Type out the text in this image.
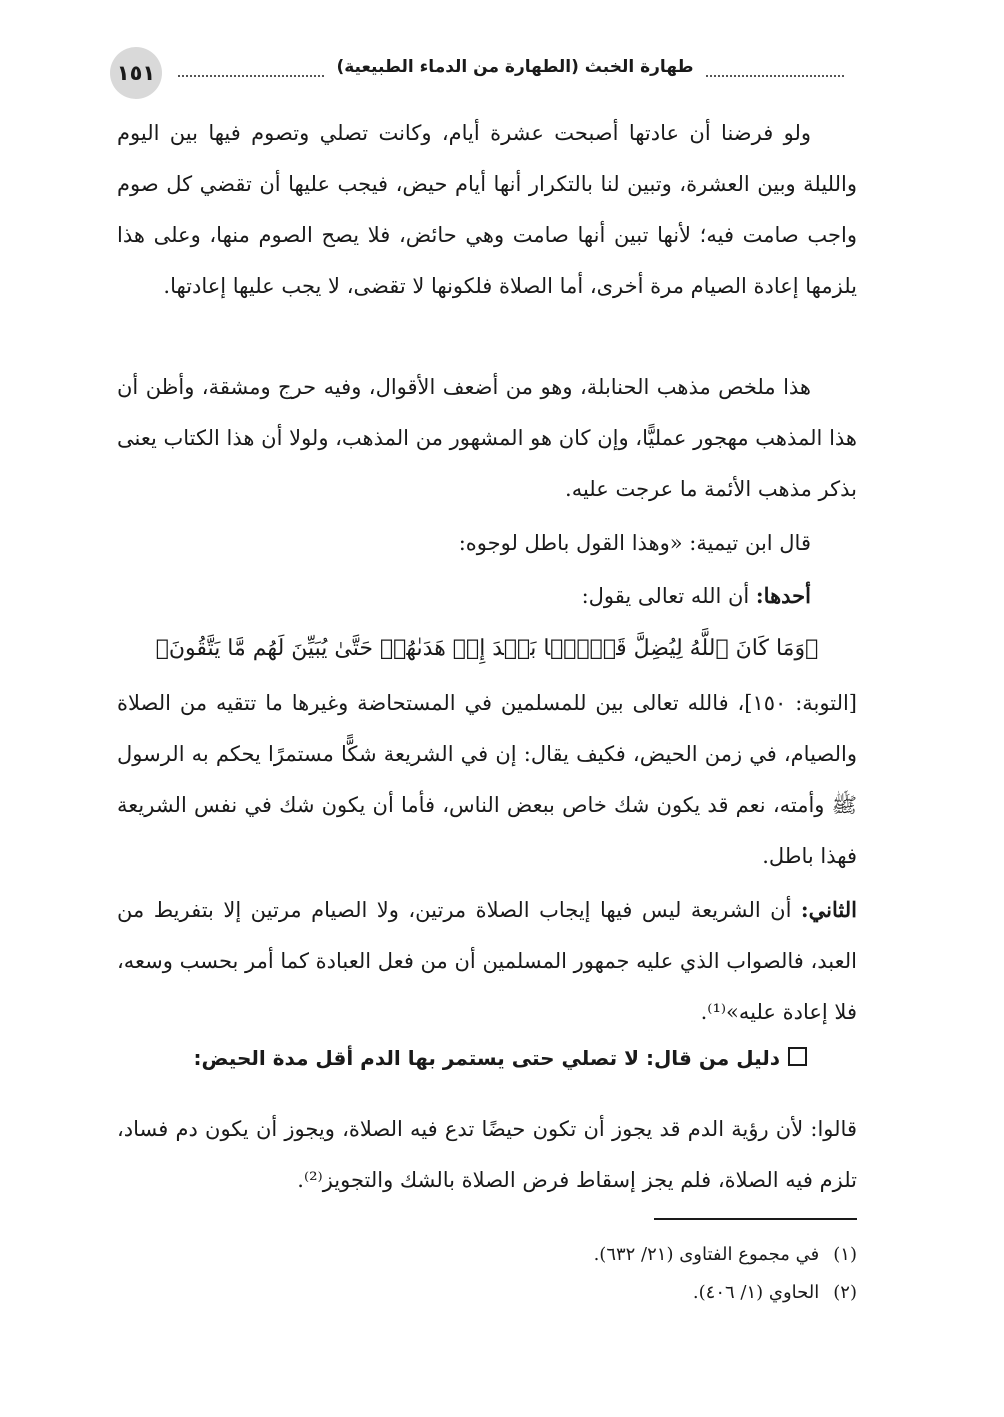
١٥١	طهارة الخبث (الطهارة من الدماء الطبيعية)

ولو فرضنا أن عادتها أصبحت عشرة أيام، وكانت تصلي وتصوم فيها بين اليوم والليلة وبين العشرة، وتبين لنا بالتكرار أنها أيام حيض، فيجب عليها أن تقضي كل صوم واجب صامت فيه؛ لأنها تبين أنها صامت وهي حائض، فلا يصح الصوم منها، وعلى هذا يلزمها إعادة الصيام مرة أخرى، أما الصلاة فلكونها لا تقضى، لا يجب عليها إعادتها.

هذا ملخص مذهب الحنابلة، وهو من أضعف الأقوال، وفيه حرج ومشقة، وأظن أن هذا المذهب مهجور عمليًّا، وإن كان هو المشهور من المذهب، ولولا أن هذا الكتاب يعنى بذكر مذهب الأئمة ما عرجت عليه.

قال ابن تيمية: «وهذا القول باطل لوجوه:

أحدها: أن الله تعالى يقول:

﴿وَمَا كَانَ ٱللَّهُ لِيُضِلَّ قَوۡمَۢا بَعۡدَ إِذۡ هَدَىٰهُمۡ حَتَّىٰ يُبَيِّنَ لَهُم مَّا يَتَّقُونَ﴾

[التوبة: ١٥٠]، فالله تعالى بين للمسلمين في المستحاضة وغيرها ما تتقيه من الصلاة والصيام، في زمن الحيض، فكيف يقال: إن في الشريعة شكًّا مستمرًا يحكم به الرسول ﷺ وأمته، نعم قد يكون شك خاص ببعض الناس، فأما أن يكون شك في نفس الشريعة فهذا باطل.

الثاني: أن الشريعة ليس فيها إيجاب الصلاة مرتين، ولا الصيام مرتين إلا بتفريط من العبد، فالصواب الذي عليه جمهور المسلمين أن من فعل العبادة كما أمر بحسب وسعه، فلا إعادة عليه»⁽¹⁾.

دليل من قال: لا تصلي حتى يستمر بها الدم أقل مدة الحيض:

قالوا: لأن رؤية الدم قد يجوز أن تكون حيضًا تدع فيه الصلاة، ويجوز أن يكون دم فساد، تلزم فيه الصلاة، فلم يجز إسقاط فرض الصلاة بالشك والتجويز⁽²⁾.

(١)في مجموع الفتاوى (٢١/ ٦٣٢).
(٢)الحاوي (١/ ٤٠٦).
